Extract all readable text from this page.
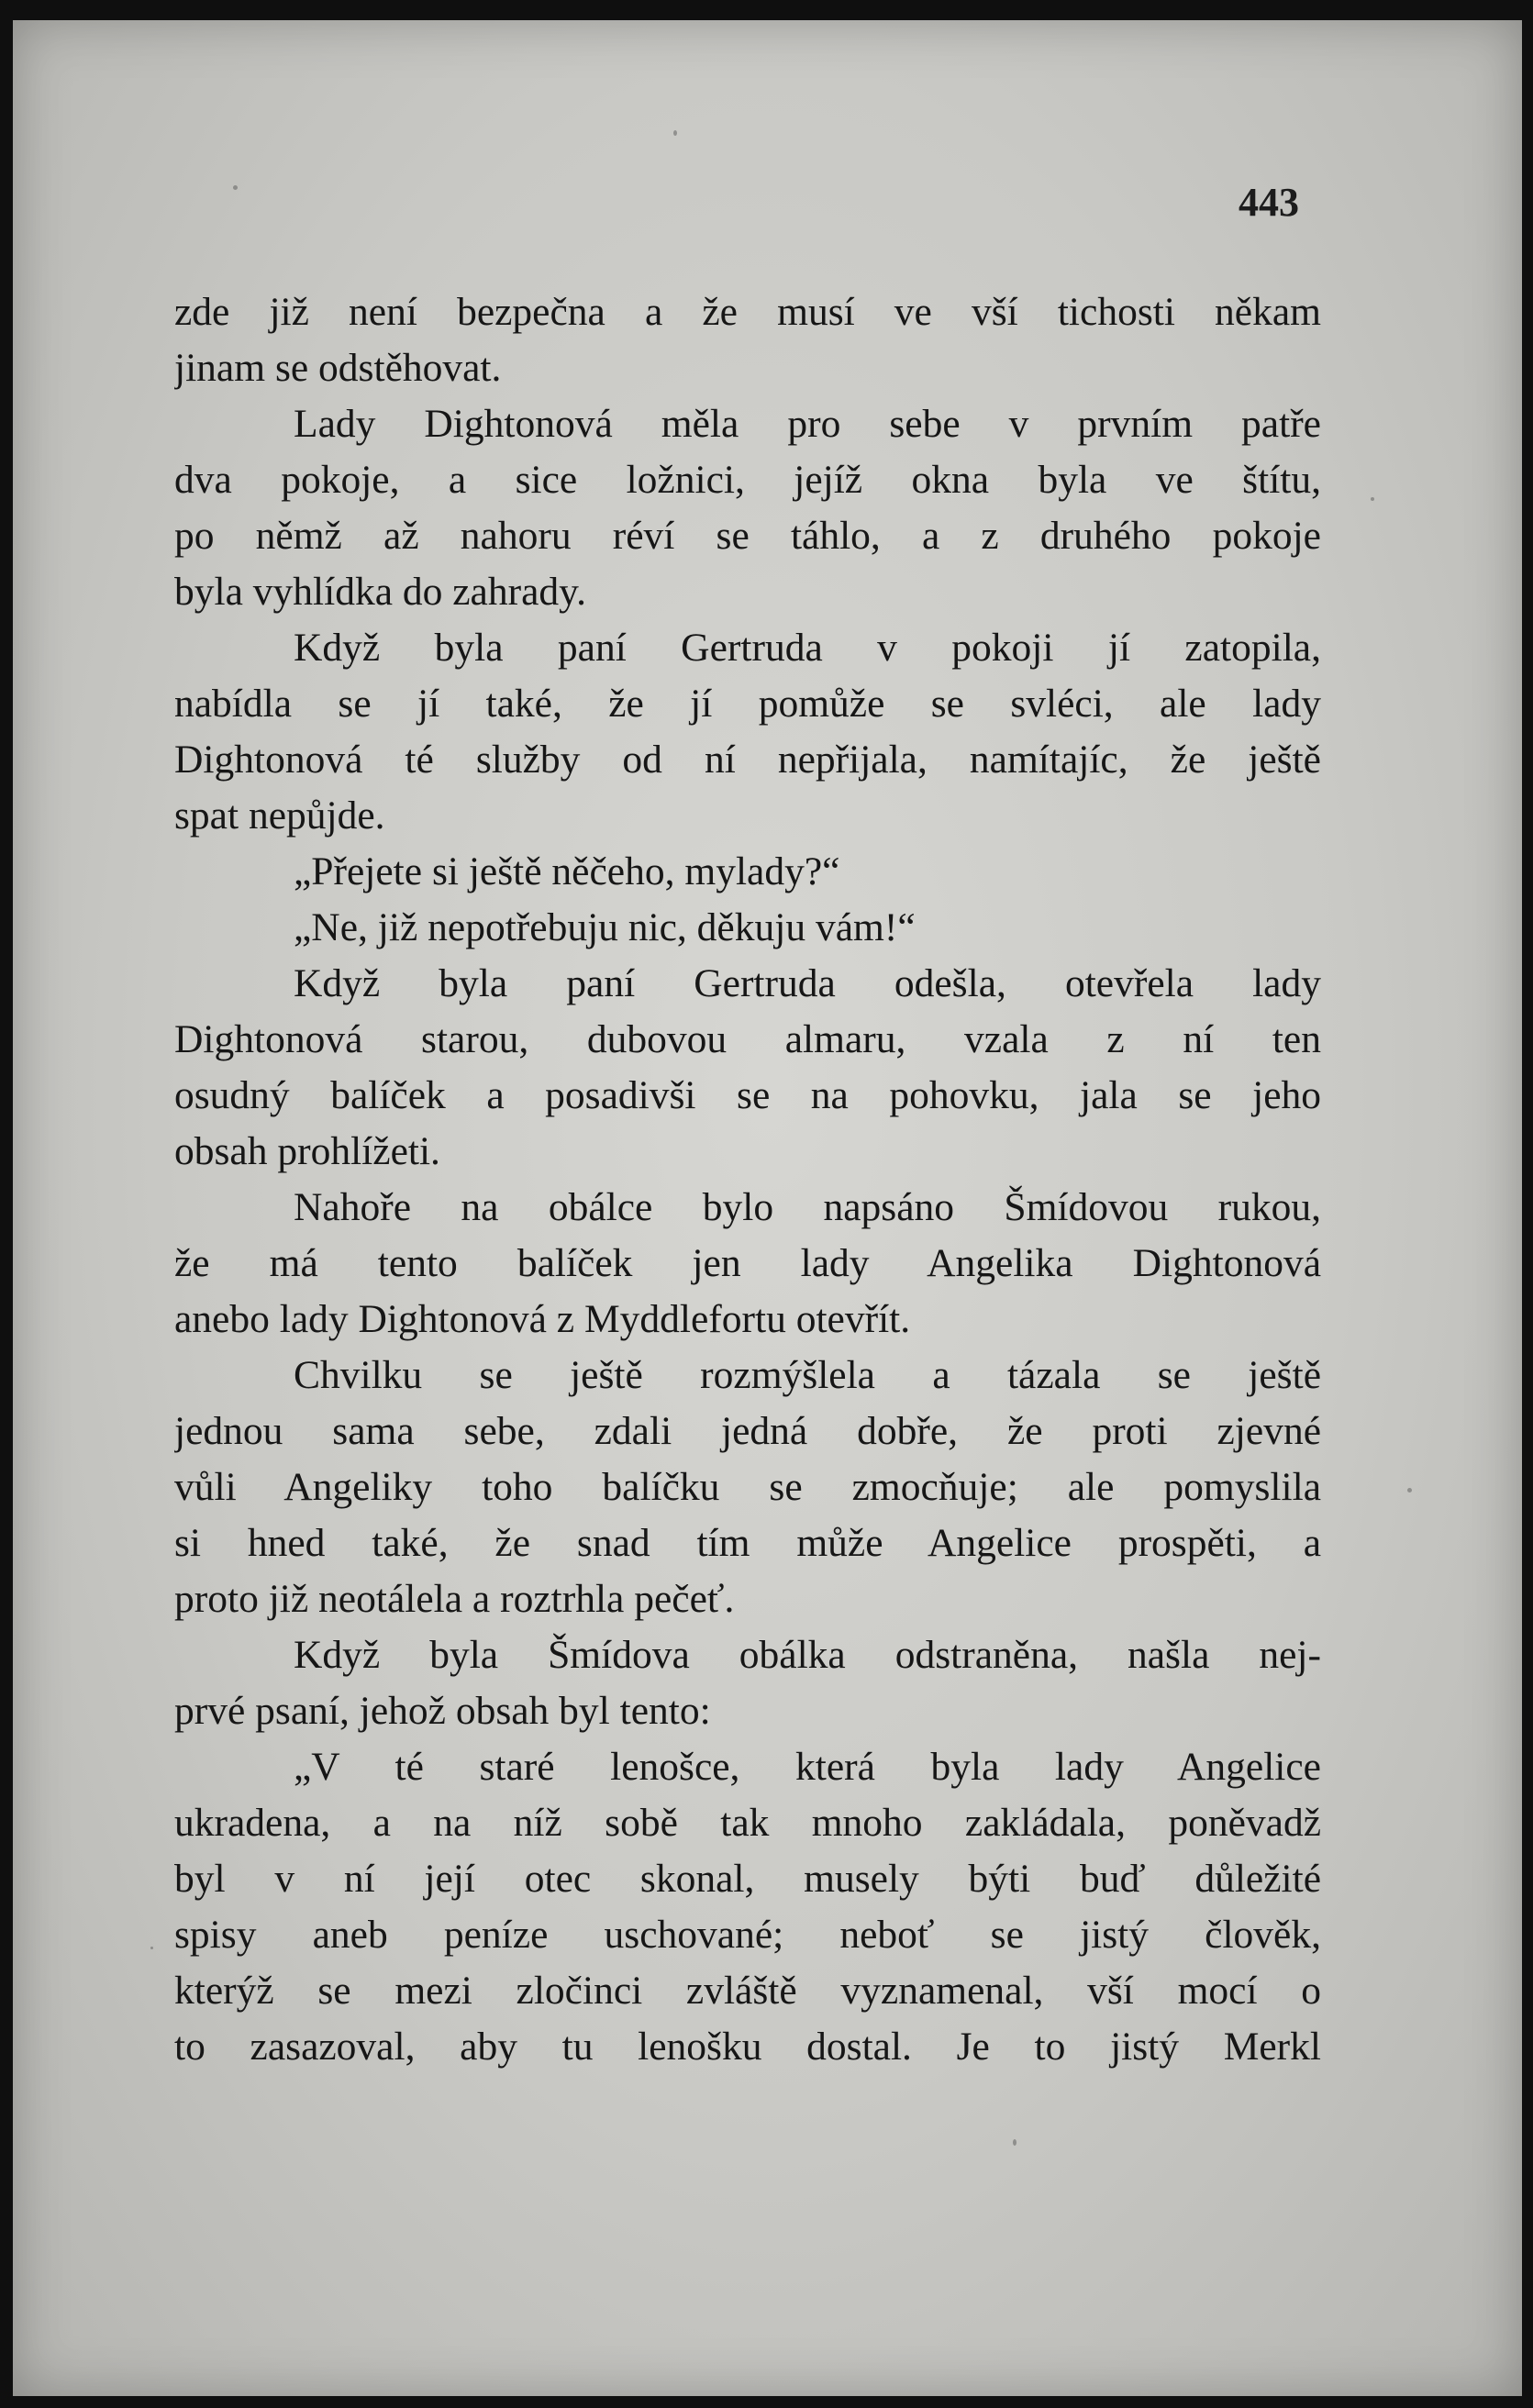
443
zde již není bezpečna a že musí ve vší tichosti někam
jinam se odstěhovat.
Lady Dightonová měla pro sebe v prvním patře
dva pokoje, a sice ložnici, jejíž okna byla ve štítu,
po němž až nahoru réví se táhlo, a z druhého pokoje
byla vyhlídka do zahrady.
Když byla paní Gertruda v pokoji jí zatopila,
nabídla se jí také, že jí pomůže se svléci, ale lady
Dightonová té služby od ní nepřijala, namítajíc, že ještě
spat nepůjde.
„Přejete si ještě něčeho, mylady?“
„Ne, již nepotřebuju nic, děkuju vám!“
Když byla paní Gertruda odešla, otevřela lady
Dightonová starou, dubovou almaru, vzala z ní ten
osudný balíček a posadivši se na pohovku, jala se jeho
obsah prohlížeti.
Nahoře na obálce bylo napsáno Šmídovou rukou,
že má tento balíček jen lady Angelika Dightonová
anebo lady Dightonová z Myddlefortu otevřít.
Chvilku se ještě rozmýšlela a tázala se ještě
jednou sama sebe, zdali jedná dobře, že proti zjevné
vůli Angeliky toho balíčku se zmocňuje; ale pomyslila
si hned také, že snad tím může Angelice prospěti, a
proto již neotálela a roztrhla pečeť.
Když byla Šmídova obálka odstraněna, našla nej-
prvé psaní, jehož obsah byl tento:
„V té staré lenošce, která byla lady Angelice
ukradena, a na níž sobě tak mnoho zakládala, poněvadž
byl v ní její otec skonal, musely býti buď důležité
spisy aneb peníze uschované; neboť se jistý člověk,
kterýž se mezi zločinci zvláště vyznamenal, vší mocí o
to zasazoval, aby tu lenošku dostal. Je to jistý Merkl
